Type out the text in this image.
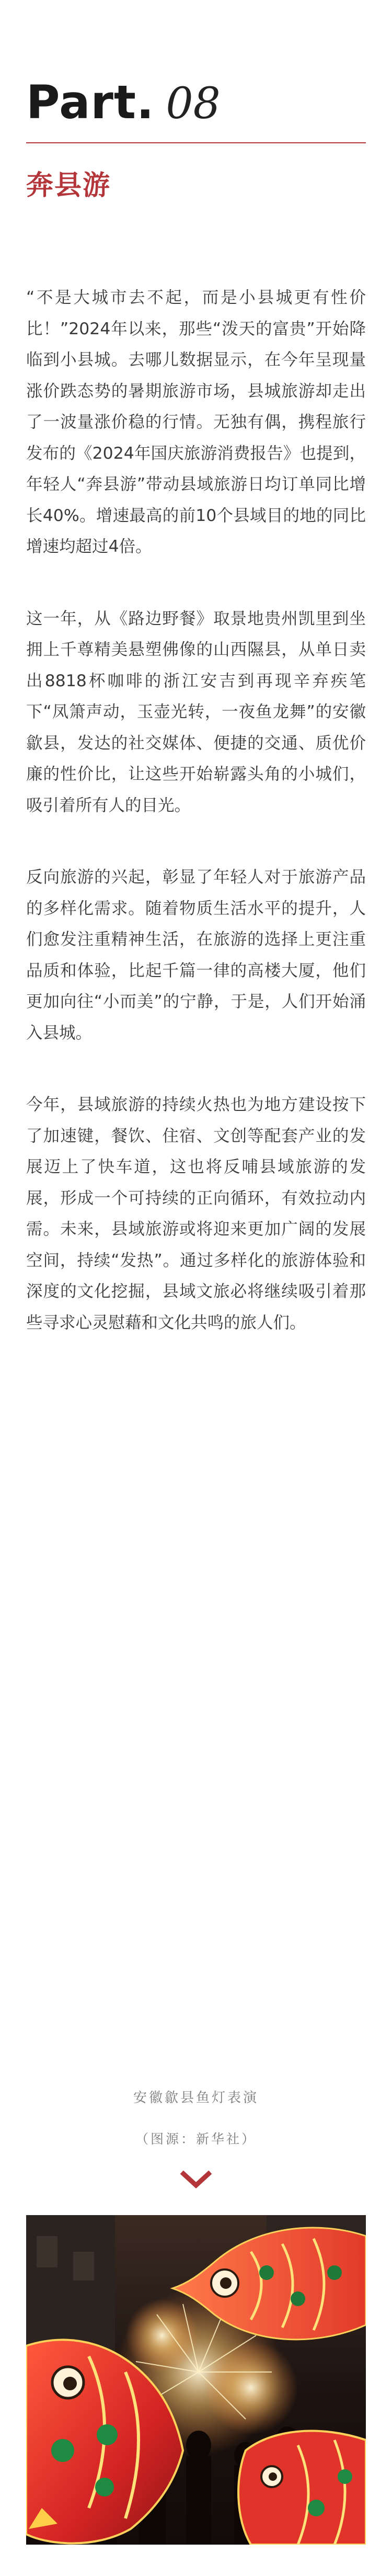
Part. 08
奔县游

“不是大城市去不起，而是小县城更有性价比！”2024年以来，那些“泼天的富贵”开始降临到小县城。去哪儿数据显示，在今年呈现量涨价跌态势的暑期旅游市场，县城旅游却走出了一波量涨价稳的行情。无独有偶，携程旅行发布的《2024年国庆旅游消费报告》也提到，年轻人“奔县游”带动县域旅游日均订单同比增长40%。增速最高的前10个县域目的地的同比增速均超过4倍。

这一年，从《路边野餐》取景地贵州凯里到坐拥上千尊精美悬塑佛像的山西隰县，从单日卖出8818杯咖啡的浙江安吉到再现辛弃疾笔下“凤箫声动，玉壶光转，一夜鱼龙舞”的安徽歙县，发达的社交媒体、便捷的交通、质优价廉的性价比，让这些开始崭露头角的小城们，吸引着所有人的目光。

反向旅游的兴起，彰显了年轻人对于旅游产品的多样化需求。随着物质生活水平的提升，人们愈发注重精神生活，在旅游的选择上更注重品质和体验，比起千篇一律的高楼大厦，他们更加向往“小而美”的宁静，于是，人们开始涌入县城。

今年，县域旅游的持续火热也为地方建设按下了加速键，餐饮、住宿、文创等配套产业的发展迈上了快车道，这也将反哺县域旅游的发展，形成一个可持续的正向循环，有效拉动内需。未来，县域旅游或将迎来更加广阔的发展空间，持续“发热”。通过多样化的旅游体验和深度的文化挖掘，县域文旅必将继续吸引着那些寻求心灵慰藉和文化共鸣的旅人们。

安徽歙县鱼灯表演
（图源：新华社）
